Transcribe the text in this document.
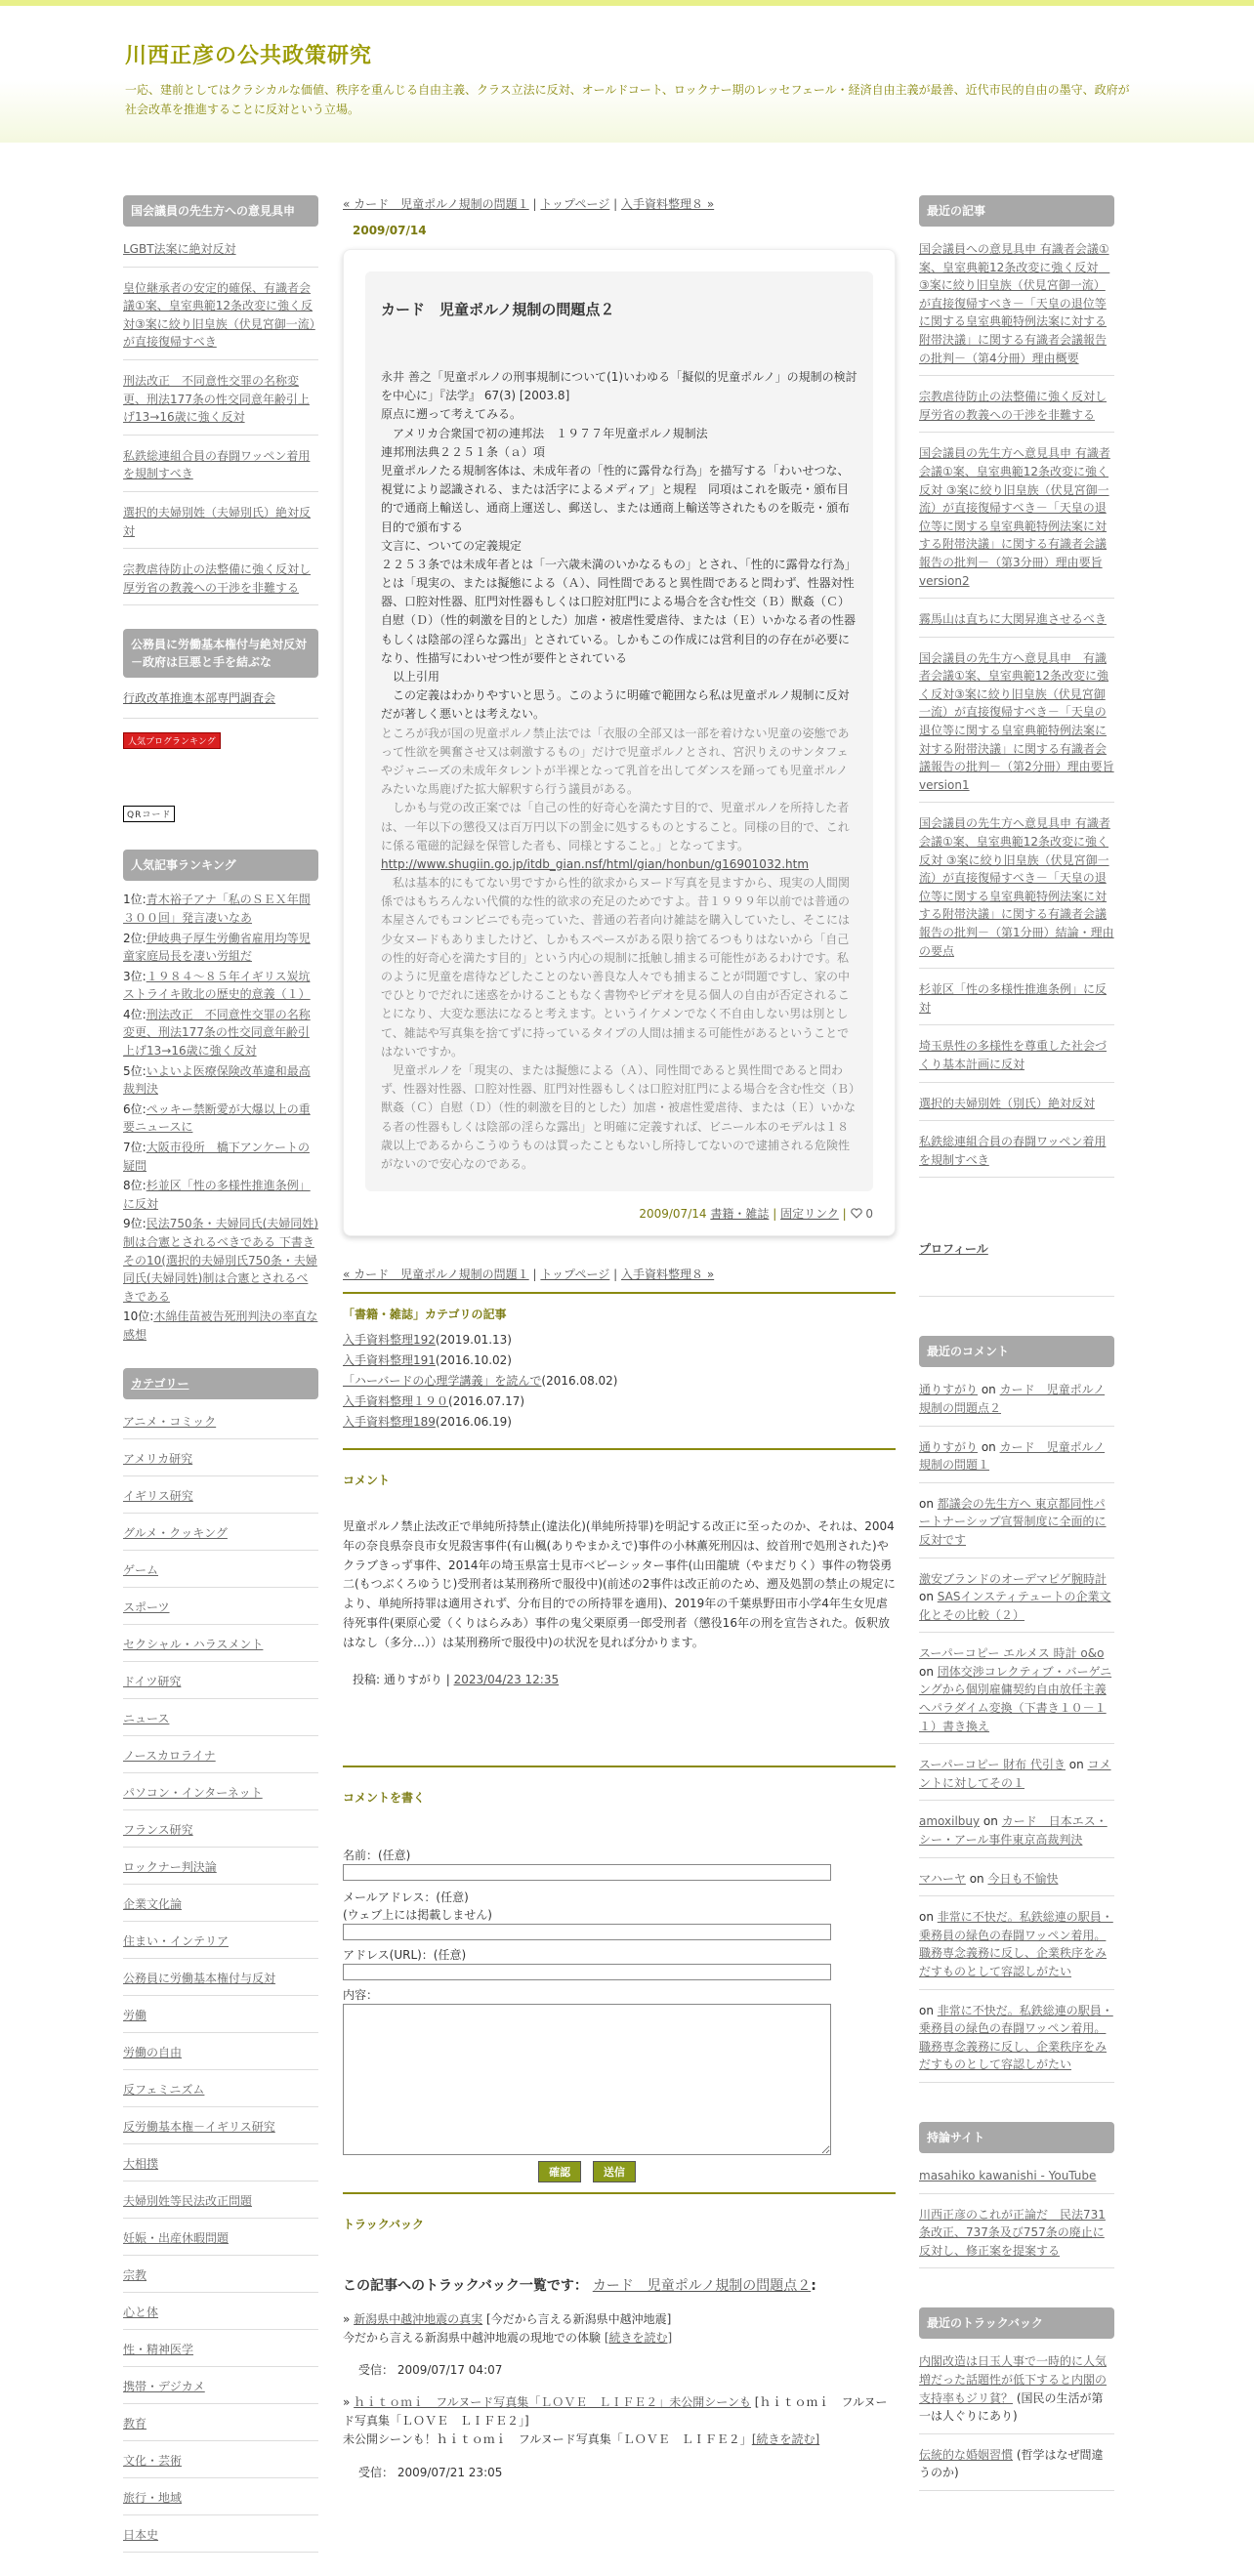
川西正彦の公共政策研究
一応、建前としてはクラシカルな価値、秩序を重んじる自由主義、クラス立法に反対、オールドコート、ロックナー期のレッセフェール・経済自由主義が最善、近代市民的自由の墨守、政府が社会改革を推進することに反対という立場。
国会議員の先生方への意見具申
LGBT法案に絶対反対
皇位継承者の安定的確保、有識者会議①案、皇室典範12条改変に強く反対③案に絞り旧皇族（伏見宮御一流）が直接復帰すべき
刑法改正　不同意性交罪の名称変更、刑法177条の性交同意年齢引上げ13→16歳に強く反対
私鉄総連組合員の春闘ワッペン着用を規制すべき
選択的夫婦別姓（夫婦別氏）絶対反対
宗教虐待防止の法整備に強く反対し厚労省の教義への干渉を非難する
公務員に労働基本権付与絶対反対－政府は巨悪と手を結ぶな
行政改革推進本部専門調査会
人気ブログランキング
QRコード
人気記事ランキング
1位:青木裕子アナ「私のＳＥＸ年間３００回」発言凄いなあ
2位:伊岐典子厚生労働省雇用均等児童家庭局長を凄い労組だ
3位:１９８４～８５年イギリス炭坑ストライキ敗北の歴史的意義（１）
4位:刑法改正　不同意性交罪の名称変更、刑法177条の性交同意年齢引上げ13→16歳に強く反対
5位:いよいよ医療保険改革違和最高裁判決
6位:ペッキー禁断愛が大爆以上の重要ニュースに
7位:大阪市役所　橋下アンケートの疑問
8位:杉並区「性の多様性推進条例」に反対
9位:民法750条・夫婦同氏(夫婦同姓)制は合憲とされるべきである 下書きその10(選択的夫婦別氏750条・夫婦同氏(夫婦同姓)制は合憲とされるべきである
10位:木綿佳苗被告死刑判決の率直な感想
カテゴリー
アニメ・コミック
アメリカ研究
イギリス研究
グルメ・クッキング
ゲーム
スポーツ
セクシャル・ハラスメント
ドイツ研究
ニュース
ノースカロライナ
パソコン・インターネット
フランス研究
ロックナー判決論
企業文化論
住まい・インテリア
公務員に労働基本権付与反対
労働
労働の自由
反フェミニズム
反労働基本権－イギリス研究
大相撲
夫婦別姓等民法改正問題
妊娠・出産休暇問題
宗教
心と体
性・精神医学
携帯・デジカメ
教育
文化・芸術
旅行・地域
日本史
« カード　児童ポルノ規制の問題１ | トップページ | 入手資料整理８ »
2009/07/14
カード　児童ポルノ規制の問題点２

永井 善之「児童ポルノの刑事規制について(1)いわゆる「擬似的児童ポルノ」の規制の検討を中心に」『法学』 67(3) [2003.8]

原点に遡って考えてみる。

　アメリカ合衆国で初の連邦法　１９７７年児童ポルノ規制法

連邦刑法典２２５１条（ａ）項

児童ポルノたる規制客体は、未成年者の「性的に露骨な行為」を描写する「わいせつな、視覚により認識される、または活字によるメディア」と規程　同項はこれを販売・頒布目的で通商上輸送し、通商上運送し、郵送し、または通商上輸送等されたものを販売・頒布目的で頒布する

文言に、ついての定義規定

２２５３条では未成年者とは「一六歳未満のいかなるもの」とされ、「性的に露骨な行為」とは「現実の、または擬態による（Ａ）、同性間であると異性間であると問わず、性器対性器、口腔対性器、肛門対性器もしくは口腔対肛門による場合を含む性交（Ｂ）獣姦（Ｃ）自慰（Ｄ）（性的刺激を目的とした）加虐・被虐性愛虐待、または（Ｅ）いかなる者の性器もしくは陰部の淫らな露出」とされている。しかもこの作成には営利目的の存在が必要になり、性描写にわいせつ性が要件とされている

　以上引用

　この定義はわかりやすいと思う。このように明確で範囲なら私は児童ポルノ規制に反対だが著しく悪いとは考えない。

ところが我が国の児童ポルノ禁止法では「衣服の全部又は一部を着けない児童の姿態であって性欲を興奮させ又は刺激するもの」だけで児童ポルノとされ、宮沢りえのサンタフェやジャニーズの未成年タレントが半裸となって乳首を出してダンスを踊っても児童ポルノみたいな馬鹿げた拡大解釈すら行う議員がある。

　しかも与党の改正案では「自己の性的好奇心を満たす目的で、児童ポルノを所持した者は、一年以下の懲役又は百万円以下の罰金に処するものとすること。同様の目的で、これに係る電磁的記録を保管した者も、同様とすること。」となってます。

http://www.shugiin.go.jp/itdb_gian.nsf/html/gian/honbun/g16901032.htm

　私は基本的にもてない男ですから性的欲求からヌード写真を見ますから、現実の人間関係ではもちろんない代償的な性的欲求の充足のためですよ。昔１９９９年以前では普通の本屋さんでもコンビニでも売っていた、普通の若者向け雑誌を購入していたし、そこには少女ヌードもありましたけど、しかもスペースがある限り捨てるつもりはないから「自己の性的好奇心を満たす目的」という内心の規制に抵触し捕まる可能性があるわけです。私のように児童を虐待などしたことのない善良な人々でも捕まることが問題ですし、家の中でひとりでだれに迷惑をかけることもなく書物やビデオを見る個人の自由が否定されることになり、大変な悪法になると考えます。というイケメンでなく不自由しない男は別として、雑誌や写真集を捨てずに持っているタイプの人間は捕まる可能性があるということではないですか。

　児童ポルノを「現実の、または擬態による（Ａ）、同性間であると異性間であると問わず、性器対性器、口腔対性器、肛門対性器もしくは口腔対肛門による場合を含む性交（Ｂ）獣姦（Ｃ）自慰（Ｄ）（性的刺激を目的とした）加虐・被虐性愛虐待、または（Ｅ）いかなる者の性器もしくは陰部の淫らな露出」と明確に定義すれば、ビニール本のモデルは１８歳以上であるからこうゆうものは買ったこともないし所持してないので逮捕される危険性がないので安心なのである。

2009/07/14 書籍・雑誌 | 固定リンク | 0
« カード　児童ポルノ規制の問題１ | トップページ | 入手資料整理８ »
「書籍・雑誌」カテゴリの記事
入手資料整理192(2019.01.13)
入手資料整理191(2016.10.02)
「ハーバードの心理学講義」を読んで(2016.08.02)
入手資料整理１９０(2016.07.17)
入手資料整理189(2016.06.19)
コメント
児童ポルノ禁止法改正で単純所持禁止(違法化)(単純所持罪)を明記する改正に至ったのか、それは、2004年の奈良県奈良市女児殺害事件(有山楓(ありやまかえで)事件の小林薫死刑囚は、絞首刑で処刑された)やクラブきっず事件、2014年の埼玉県富士見市ベビーシッター事件(山田龍琥（やまだりく）事件の物袋勇二(もつぶくろゆうじ)受刑者は某刑務所で服役中)(前述の2事件は改正前のため、遡及処罰の禁止の規定により、単純所持罪は適用されず、分布目的での所持罪を適用)、2019年の千葉県野田市小学4年生女児虐待死事件(栗原心愛（くりはらみあ）事件の鬼父栗原勇一郎受刑者（懲役16年の刑を宣告された。仮釈放はなし（多分…））は某刑務所で服役中)の状況を見れば分かります。
投稿: 通りすがり | 2023/04/23 12:35
コメントを書く
名前：(任意)
メールアドレス：(任意)
(ウェブ上には掲載しません)
アドレス(URL)：(任意)
内容：
確認	送信
トラックバック
この記事へのトラックバック一覧です： カード　児童ポルノ規制の問題点２:
» 新潟県中越沖地震の真実 [今だから言える新潟県中越沖地震]
今だから言える新潟県中越沖地震の現地での体験 [続きを読む]
受信： 2009/07/17 04:07
» ｈｉｔｏｍｉ　フルヌード写真集「ＬＯＶＥ　ＬＩＦＥ２」未公開シーンも [ｈｉｔｏｍｉ　フルヌード写真集「ＬＯＶＥ　ＬＩＦＥ２」]
未公開シーンも！ｈｉｔｏｍｉ　フルヌード写真集「ＬＯＶＥ　ＬＩＦＥ２」[続きを読む]
受信： 2009/07/21 23:05
最近の記事
国会議員への意見具申 有識者会議①案、皇室典範12条改変に強く反対　③案に絞り旧皇族（伏見宮御一流）が直接復帰すべき－「天皇の退位等に関する皇室典範特例法案に対する附帯決議」に関する有識者会議報告の批判－（第4分冊）理由概要
宗教虐待防止の法整備に強く反対し厚労省の教義への干渉を非難する
国会議員の先生方へ意見具申 有識者会議①案、皇室典範12条改変に強く反対 ③案に絞り旧皇族（伏見宮御一流）が直接復帰すべき－「天皇の退位等に関する皇室典範特例法案に対する附帯決議」に関する有識者会議報告の批判－（第3分冊）理由要旨version2
霧馬山は直ちに大関昇進させるべき
国会議員の先生方へ意見具申　有識者会議①案、皇室典範12条改変に強く反対③案に絞り旧皇族（伏見宮御一流）が直接復帰すべき－「天皇の退位等に関する皇室典範特例法案に対する附帯決議」に関する有識者会議報告の批判－（第2分冊）理由要旨version1
国会議員の先生方へ意見具申 有識者会議①案、皇室典範12条改変に強く反対 ③案に絞り旧皇族（伏見宮御一流）が直接復帰すべき－「天皇の退位等に関する皇室典範特例法案に対する附帯決議」に関する有識者会議報告の批判－（第1分冊）結論・理由の要点
杉並区「性の多様性推進条例」に反対
埼玉県性の多様性を尊重した社会づくり基本計画に反対
選択的夫婦別姓（別氏）絶対反対
私鉄総連組合員の春闘ワッペン着用を規制すべき
プロフィール
最近のコメント
通りすがり on カード　児童ポルノ規制の問題点２
通りすがり on カード　児童ポルノ規制の問題１
on 都議会の先生方へ 東京都同性パートナーシップ宣誓制度に全面的に反対です
激安ブランドのオーデマピゲ腕時計 on SASインスティテュートの企業文化とその比較（２）
スーパーコピー エルメス 時計 o&o on 団体交渉コレクティブ・バーゲニングから個別雇傭契約自由放任主義へパラダイム変換（下書き１０－１１）書き換え
スーパーコピー 財布 代引き on コメントに対してその１
amoxilbuy on カード　日本エス・シー・アール事件東京高裁判決
マハーヤ on 今日も不愉快
on 非常に不快だ。私鉄総連の駅員・乗務員の緑色の春闘ワッペン着用。職務専念義務に反し、企業秩序をみだすものとして容認しがたい
on 非常に不快だ。私鉄総連の駅員・乗務員の緑色の春闘ワッペン着用。職務専念義務に反し、企業秩序をみだすものとして容認しがたい
持論サイト
masahiko kawanishi - YouTube
川西正彦のこれが正論だ　民法731条改正、737条及び757条の廃止に反対し、修正案を提案する
最近のトラックバック
内閣改造は日玉人事で一時的に人気増だった話題性が低下すると内閣の支持率もジリ貧？ (国民の生活が第一は人ぐりにあり)
伝統的な婚姻習慣 (哲学はなぜ間違うのか)
